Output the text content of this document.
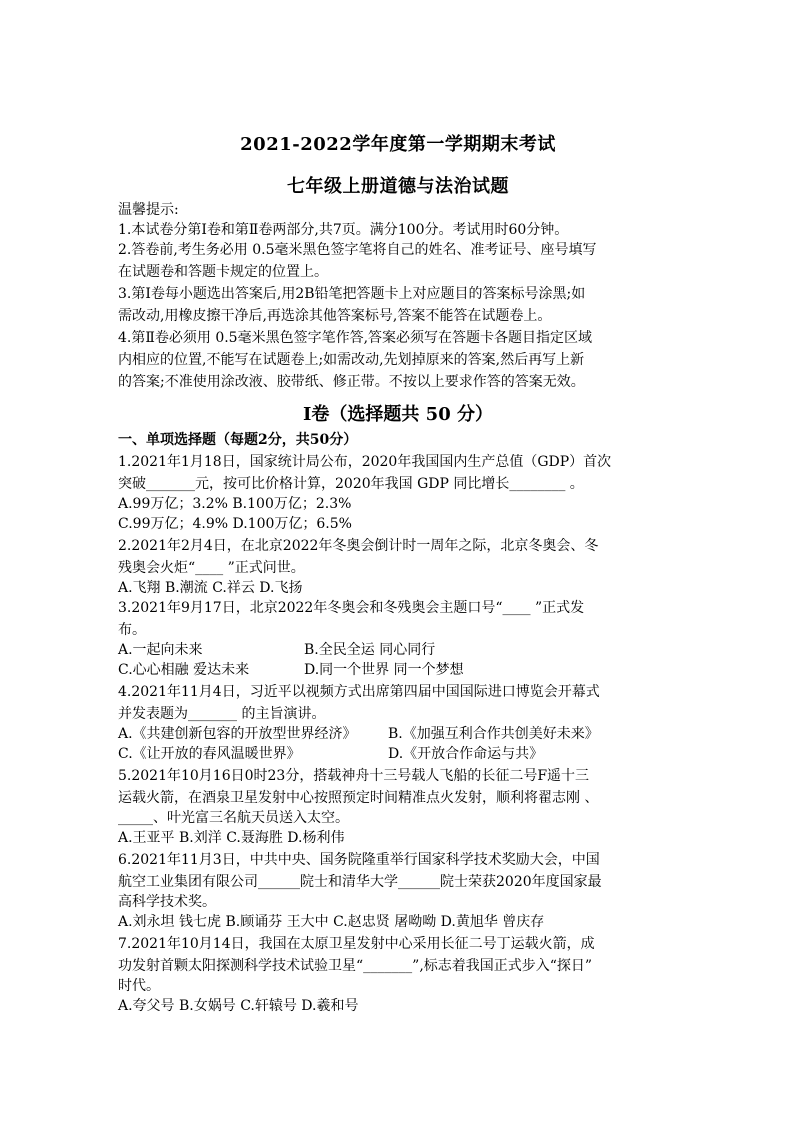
2021-2022学年度第一学期期末考试
七年级上册道德与法治试题
温馨提示:
1.本试卷分第Ⅰ卷和第Ⅱ卷两部分,共7页。满分100分。考试用时60分钟。
2.答卷前,考生务必用 0.5毫米黑色签字笔将自己的姓名、准考证号、座号填写
在试题卷和答题卡规定的位置上。
3.第Ⅰ卷每小题选出答案后,用2B铅笔把答题卡上对应题目的答案标号涂黑;如
需改动,用橡皮擦干净后,再选涂其他答案标号,答案不能答在试题卷上。
4.第Ⅱ卷必须用 0.5毫米黑色签字笔作答,答案必须写在答题卡各题目指定区域
内相应的位置,不能写在试题卷上;如需改动,先划掉原来的答案,然后再写上新
的答案;不准使用涂改液、胶带纸、修正带。不按以上要求作答的答案无效。
Ⅰ卷（选择题共 50 分）
一、单项选择题（每题2分，共50分）
1.2021年1月18日，国家统计局公布，2020年我国国内生产总值（GDP）首次
突破_______元，按可比价格计算，2020年我国 GDP 同比增长________ 。
A.99万亿；3.2% B.100万亿；2.3%
C.99万亿；4.9% D.100万亿；6.5%
2.2021年2月4日，在北京2022年冬奥会倒计时一周年之际，北京冬奥会、冬
残奥会火炬“____ ”正式问世。
A.飞翔 B.潮流 C.祥云 D.飞扬
3.2021年9月17日，北京2022年冬奥会和冬残奥会主题口号“____ ”正式发
布。
A.一起向未来	B.全民全运 同心同行
C.心心相融 爱达未来	D.同一个世界 同一个梦想
4.2021年11月4日，习近平以视频方式出席第四届中国国际进口博览会开幕式
并发表题为_______ 的主旨演讲。
A.《共建创新包容的开放型世界经济》 B.《加强互利合作共创美好未来》
C.《让开放的春风温暖世界》	D.《开放合作命运与共》
5.2021年10月16日0时23分，搭载神舟十三号载人飞船的长征二号F遥十三
运载火箭，在酒泉卫星发射中心按照预定时间精准点火发射，顺利将翟志刚 、
_____、叶光富三名航天员送入太空。
A.王亚平 B.刘洋 C.聂海胜 D.杨利伟
6.2021年11月3日，中共中央、国务院隆重举行国家科学技术奖励大会，中国
航空工业集团有限公司______院士和清华大学______院士荣获2020年度国家最
高科学技术奖。
A.刘永坦 钱七虎 B.顾诵芬 王大中 C.赵忠贤 屠呦呦 D.黄旭华 曾庆存
7.2021年10月14日，我国在太原卫星发射中心采用长征二号丁运载火箭，成
功发射首颗太阳探测科学技术试验卫星“_______”,标志着我国正式步入“探日”
时代。
A.夸父号 B.女娲号 C.轩辕号 D.羲和号
